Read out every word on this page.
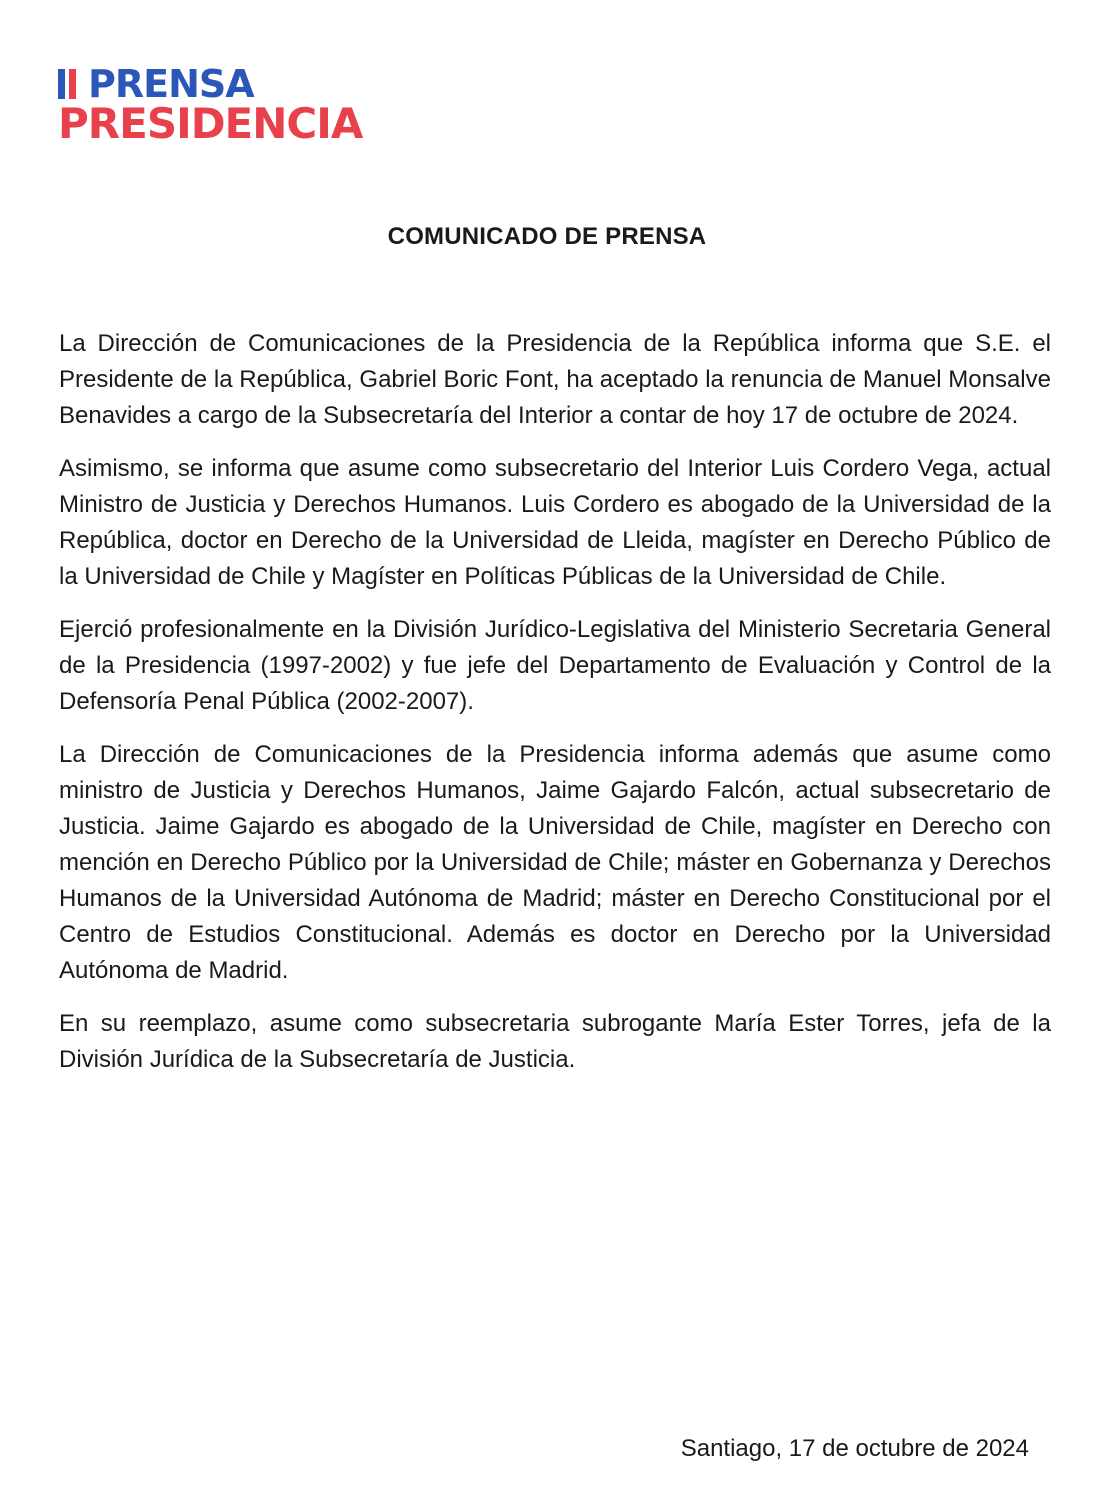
PRENSA
PRESIDENCIA
COMUNICADO DE PRENSA

La Dirección de Comunicaciones de la Presidencia de la República informa que S.E. el Presidente de la República, Gabriel Boric Font, ha aceptado la renuncia de Manuel Monsalve Benavides a cargo de la Subsecretaría del Interior a contar de hoy 17 de octubre de 2024.

Asimismo, se informa que asume como subsecretario del Interior Luis Cordero Vega, actual Ministro de Justicia y Derechos Humanos. Luis Cordero es abogado de la Universidad de la República, doctor en Derecho de la Universidad de Lleida, magíster en Derecho Público de la Universidad de Chile y Magíster en Políticas Públicas de la Universidad de Chile.

Ejerció profesionalmente en la División Jurídico-Legislativa del Ministerio Secretaria General de la Presidencia (1997-2002) y fue jefe del Departamento de Evaluación y Control de la Defensoría Penal Pública (2002-2007).

La Dirección de Comunicaciones de la Presidencia informa además que asume como ministro de Justicia y Derechos Humanos, Jaime Gajardo Falcón, actual subsecretario de Justicia. Jaime Gajardo es abogado de la Universidad de Chile, magíster en Derecho con mención en Derecho Público por la Universidad de Chile; máster en Gobernanza y Derechos Humanos de la Universidad Autónoma de Madrid; máster en Derecho Constitucional por el Centro de Estudios Constitucional. Además es doctor en Derecho por la Universidad Autónoma de Madrid.

En su reemplazo, asume como subsecretaria subrogante María Ester Torres, jefa de la División Jurídica de la Subsecretaría de Justicia.

Santiago, 17 de octubre de 2024
